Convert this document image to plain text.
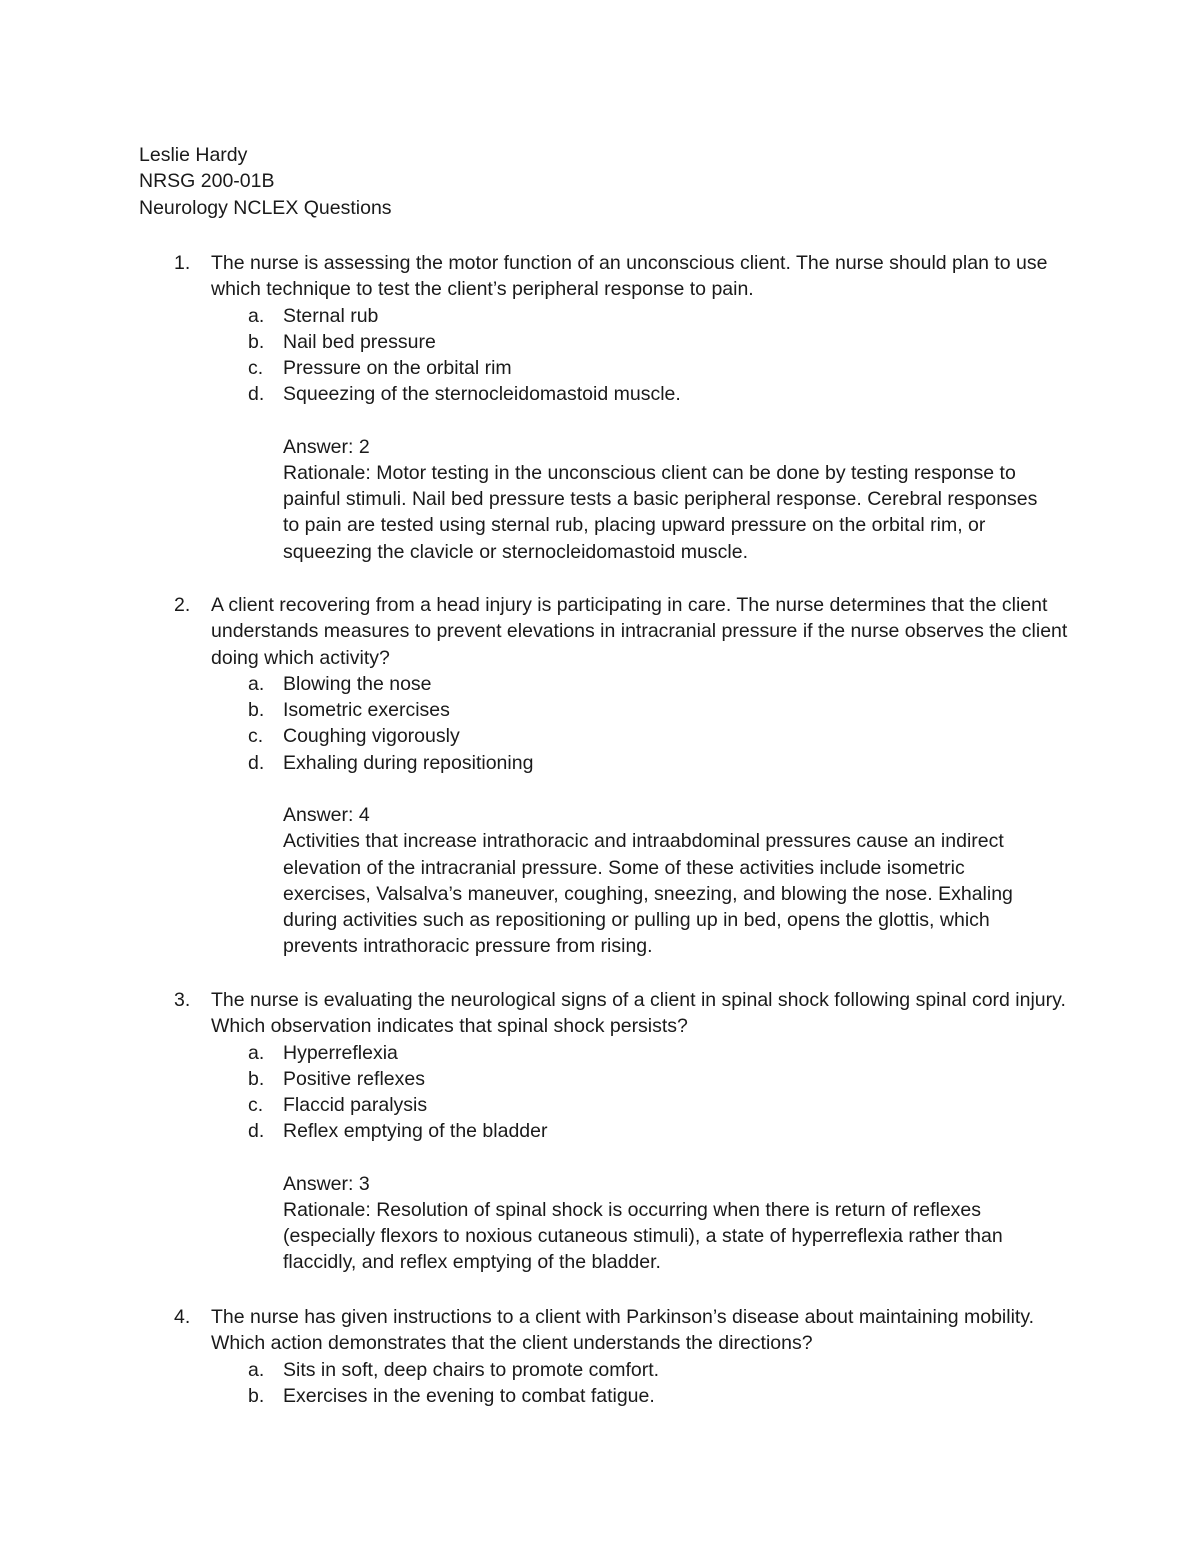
Leslie Hardy
NRSG 200-01B
Neurology NCLEX Questions
1. The nurse is assessing the motor function of an unconscious client. The nurse should plan to use which technique to test the client’s peripheral response to pain.
a. Sternal rub
b. Nail bed pressure
c. Pressure on the orbital rim
d. Squeezing of the sternocleidomastoid muscle.
Answer: 2
Rationale: Motor testing in the unconscious client can be done by testing response to painful stimuli. Nail bed pressure tests a basic peripheral response. Cerebral responses to pain are tested using sternal rub, placing upward pressure on the orbital rim, or squeezing the clavicle or sternocleidomastoid muscle.
2. A client recovering from a head injury is participating in care. The nurse determines that the client understands measures to prevent elevations in intracranial pressure if the nurse observes the client doing which activity?
a. Blowing the nose
b. Isometric exercises
c. Coughing vigorously
d. Exhaling during repositioning
Answer: 4
Activities that increase intrathoracic and intraabdominal pressures cause an indirect elevation of the intracranial pressure. Some of these activities include isometric exercises, Valsalva’s maneuver, coughing, sneezing, and blowing the nose. Exhaling during activities such as repositioning or pulling up in bed, opens the glottis, which prevents intrathoracic pressure from rising.
3. The nurse is evaluating the neurological signs of a client in spinal shock following spinal cord injury. Which observation indicates that spinal shock persists?
a. Hyperreflexia
b. Positive reflexes
c. Flaccid paralysis
d. Reflex emptying of the bladder
Answer: 3
Rationale: Resolution of spinal shock is occurring when there is return of reflexes (especially flexors to noxious cutaneous stimuli), a state of hyperreflexia rather than flaccidly, and reflex emptying of the bladder.
4. The nurse has given instructions to a client with Parkinson’s disease about maintaining mobility. Which action demonstrates that the client understands the directions?
a. Sits in soft, deep chairs to promote comfort.
b. Exercises in the evening to combat fatigue.
